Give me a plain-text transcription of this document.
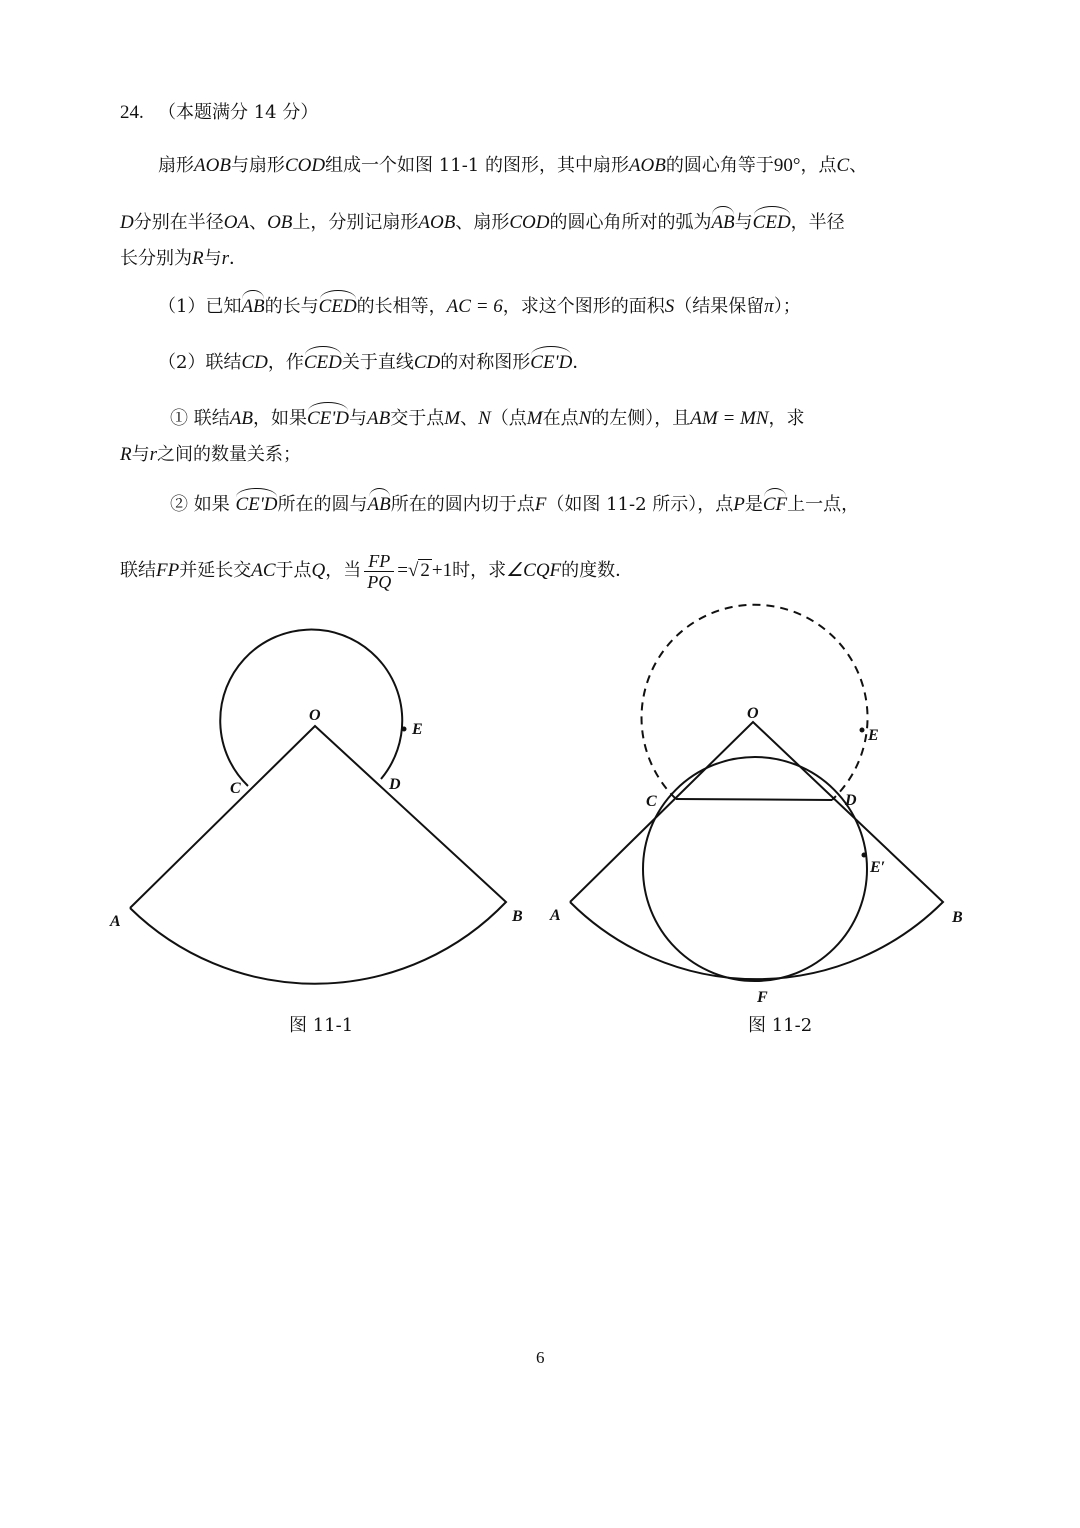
24. （本题满分 14 分）
扇形AOB与扇形COD组成一个如图 11-1 的图形，其中扇形AOB的圆心角等于90°，点C、
D分别在半径OA、OB上，分别记扇形AOB、扇形COD的圆心角所对的弧为AB与CED，半径
长分别为R与r．
（1）已知AB的长与CED的长相等，AC = 6，求这个图形的面积S（结果保留π）；
（2）联结CD，作CED关于直线CD的对称图形CE'D．
① 联结AB，如果CE'D与AB交于点M、N（点M在点N的左侧），且AM = MN，求
R与r之间的数量关系；
② 如果 CE'D所在的圆与AB所在的圆内切于点F（如图 11-2 所示），点P是CF上一点，
联结FP并延长交AC于点Q，当 $\frac{FP}{PQ}$ =√ 2 +1时，求∠CQF的度数．
O
E
C	D
A	B
O
E
C	D
E′
A	B
F
图 11-1	图 11-2
6
